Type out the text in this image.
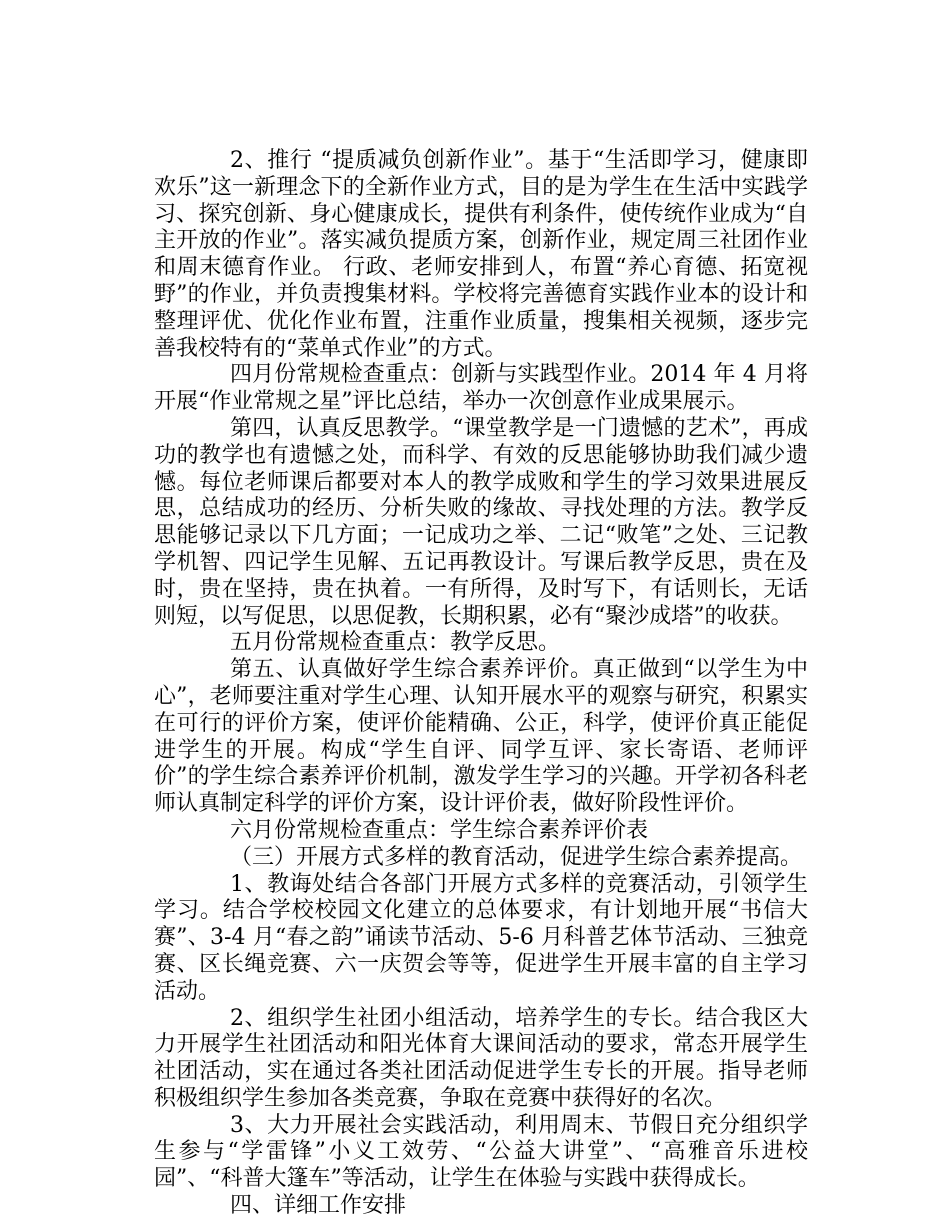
2、推行 “提质减负创新作业”。基于“生活即学习，健康即欢乐”这一新理念下的全新作业方式，目的是为学生在生活中实践学习、探究创新、身心健康成长，提供有利条件，使传统作业成为“自主开放的作业”。落实减负提质方案，创新作业，规定周三社团作业和周末德育作业。 行政、老师安排到人，布置“养心育德、拓宽视野”的作业，并负责搜集材料。学校将完善德育实践作业本的设计和整理评优、优化作业布置，注重作业质量，搜集相关视频，逐步完善我校特有的“菜单式作业”的方式。

四月份常规检查重点：创新与实践型作业。2014 年 4 月将开展“作业常规之星”评比总结，举办一次创意作业成果展示。

第四，认真反思教学。“课堂教学是一门遗憾的艺术”，再成功的教学也有遗憾之处，而科学、有效的反思能够协助我们减少遗憾。每位老师课后都要对本人的教学成败和学生的学习效果进展反思，总结成功的经历、分析失败的缘故、寻找处理的方法。教学反思能够记录以下几方面；一记成功之举、二记“败笔”之处、三记教学机智、四记学生见解、五记再教设计。写课后教学反思，贵在及时，贵在坚持，贵在执着。一有所得，及时写下，有话则长，无话则短，以写促思，以思促教，长期积累，必有“聚沙成塔”的收获。

五月份常规检查重点：教学反思。

第五、认真做好学生综合素养评价。真正做到“以学生为中心”，老师要注重对学生心理、认知开展水平的观察与研究，积累实在可行的评价方案，使评价能精确、公正，科学，使评价真正能促进学生的开展。构成“学生自评、同学互评、家长寄语、老师评价”的学生综合素养评价机制，激发学生学习的兴趣。开学初各科老师认真制定科学的评价方案，设计评价表，做好阶段性评价。

六月份常规检查重点：学生综合素养评价表

（三）开展方式多样的教育活动，促进学生综合素养提高。

1、教诲处结合各部门开展方式多样的竞赛活动，引领学生学习。结合学校校园文化建立的总体要求，有计划地开展“书信大赛”、3-4 月“春之韵”诵读节活动、5-6 月科普艺体节活动、三独竞赛、区长绳竞赛、六一庆贺会等等，促进学生开展丰富的自主学习活动。

2、组织学生社团小组活动，培养学生的专长。结合我区大力开展学生社团活动和阳光体育大课间活动的要求，常态开展学生社团活动，实在通过各类社团活动促进学生专长的开展。指导老师积极组织学生参加各类竞赛，争取在竞赛中获得好的名次。

3、大力开展社会实践活动，利用周末、节假日充分组织学生参与“学雷锋”小义工效劳、“公益大讲堂”、“高雅音乐进校园”、“科普大篷车”等活动，让学生在体验与实践中获得成长。

四、详细工作安排
